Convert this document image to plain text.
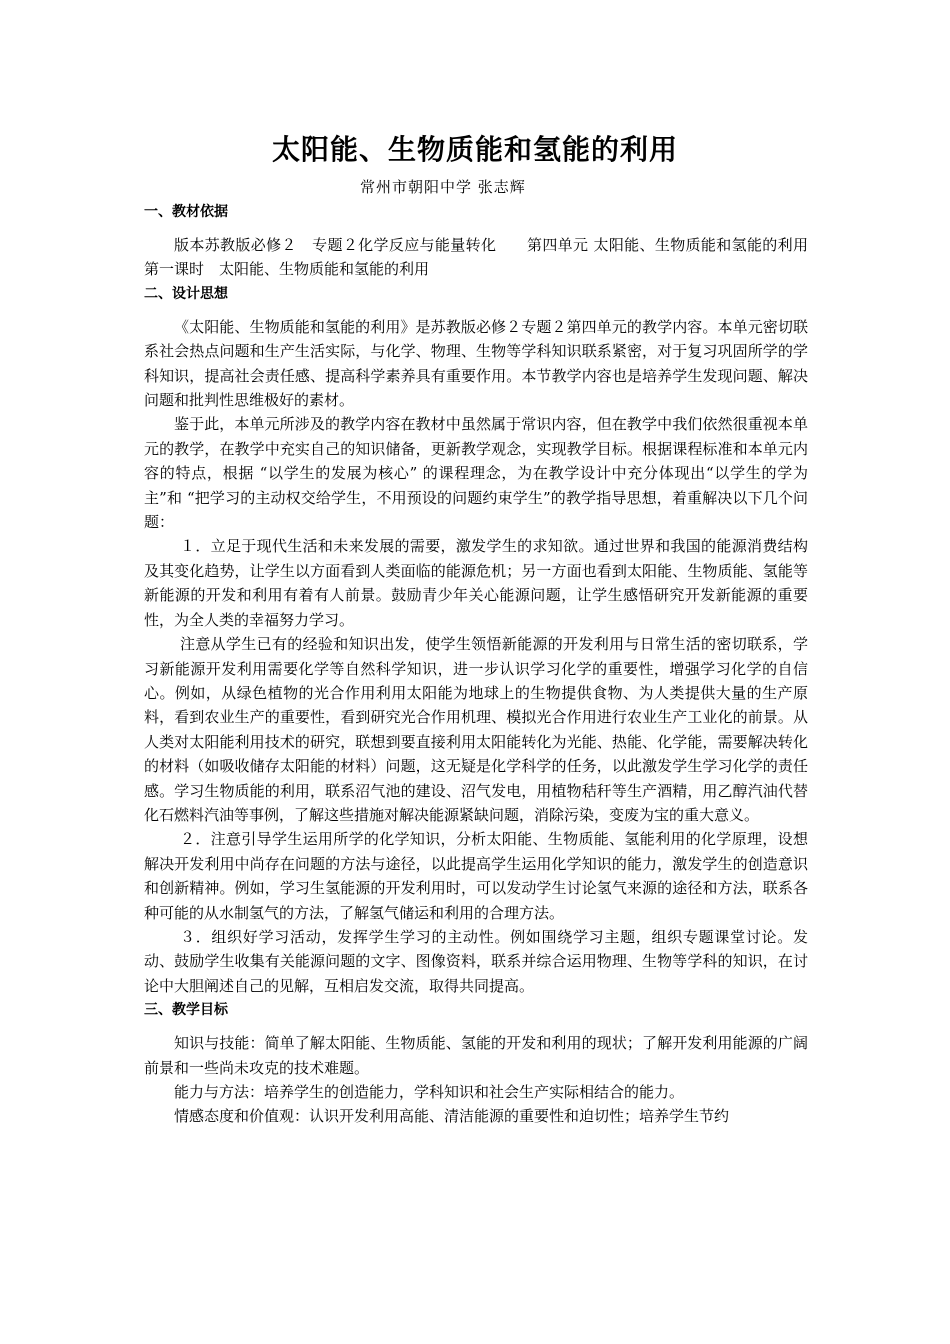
太阳能、生物质能和氢能的利用
常州市朝阳中学 张志辉
一、教材依据

版本苏教版必修２　专题２化学反应与能量转化　　第四单元 太阳能、生物质能和氢能的利用　　第一课时　太阳能、生物质能和氢能的利用

二、设计思想

《太阳能、生物质能和氢能的利用》是苏教版必修２专题２第四单元的教学内容。本单元密切联系社会热点问题和生产生活实际，与化学、物理、生物等学科知识联系紧密，对于复习巩固所学的学科知识，提高社会责任感、提高科学素养具有重要作用。本节教学内容也是培养学生发现问题、解决问题和批判性思维极好的素材。

鉴于此，本单元所涉及的教学内容在教材中虽然属于常识内容，但在教学中我们依然很重视本单元的教学，在教学中充实自己的知识储备，更新教学观念，实现教学目标。根据课程标准和本单元内容的特点，根据 “以学生的发展为核心” 的课程理念，为在教学设计中充分体现出“以学生的学为主”和 “把学习的主动权交给学生，不用预设的问题约束学生”的教学指导思想，着重解决以下几个问题：

１．立足于现代生活和未来发展的需要，激发学生的求知欲。通过世界和我国的能源消费结构及其变化趋势，让学生以方面看到人类面临的能源危机；另一方面也看到太阳能、生物质能、氢能等新能源的开发和利用有着有人前景。鼓励青少年关心能源问题，让学生感悟研究开发新能源的重要性，为全人类的幸福努力学习。

注意从学生已有的经验和知识出发，使学生领悟新能源的开发利用与日常生活的密切联系，学习新能源开发利用需要化学等自然科学知识，进一步认识学习化学的重要性，增强学习化学的自信心。例如，从绿色植物的光合作用利用太阳能为地球上的生物提供食物、为人类提供大量的生产原料，看到农业生产的重要性，看到研究光合作用机理、模拟光合作用进行农业生产工业化的前景。从人类对太阳能利用技术的研究，联想到要直接利用太阳能转化为光能、热能、化学能，需要解决转化的材料（如吸收储存太阳能的材料）问题，这无疑是化学科学的任务，以此激发学生学习化学的责任感。学习生物质能的利用，联系沼气池的建设、沼气发电，用植物秸秆等生产酒精，用乙醇汽油代替化石燃料汽油等事例，了解这些措施对解决能源紧缺问题，消除污染，变废为宝的重大意义。

２．注意引导学生运用所学的化学知识，分析太阳能、生物质能、氢能利用的化学原理，设想解决开发利用中尚存在问题的方法与途径，以此提高学生运用化学知识的能力，激发学生的创造意识和创新精神。例如，学习生氢能源的开发利用时，可以发动学生讨论氢气来源的途径和方法，联系各种可能的从水制氢气的方法，了解氢气储运和利用的合理方法。

３．组织好学习活动，发挥学生学习的主动性。例如围绕学习主题，组织专题课堂讨论。发动、鼓励学生收集有关能源问题的文字、图像资料，联系并综合运用物理、生物等学科的知识，在讨论中大胆阐述自己的见解，互相启发交流，取得共同提高。

三、教学目标

知识与技能：简单了解太阳能、生物质能、氢能的开发和利用的现状；了解开发利用能源的广阔前景和一些尚未攻克的技术难题。

能力与方法：培养学生的创造能力，学科知识和社会生产实际相结合的能力。

情感态度和价值观：认识开发利用高能、清洁能源的重要性和迫切性；培养学生节约
